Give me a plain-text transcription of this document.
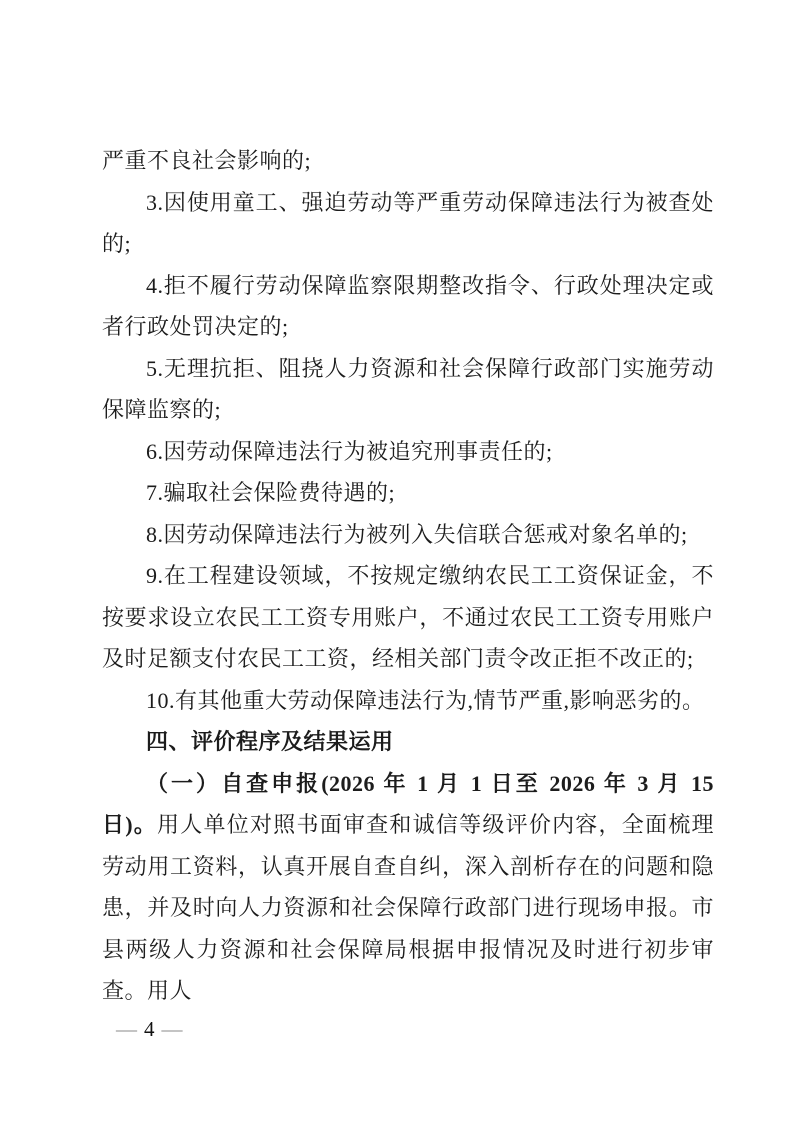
严重不良社会影响的;

3.因使用童工、强迫劳动等严重劳动保障违法行为被查处的;

4.拒不履行劳动保障监察限期整改指令、行政处理决定或者行政处罚决定的;

5.无理抗拒、阻挠人力资源和社会保障行政部门实施劳动保障监察的;

6.因劳动保障违法行为被追究刑事责任的;

7.骗取社会保险费待遇的;

8.因劳动保障违法行为被列入失信联合惩戒对象名单的;

9.在工程建设领域，不按规定缴纳农民工工资保证金，不按要求设立农民工工资专用账户，不通过农民工工资专用账户及时足额支付农民工工资，经相关部门责令改正拒不改正的;

10.有其他重大劳动保障违法行为,情节严重,影响恶劣的。

四、评价程序及结果运用

（一）自查申报(2026 年 1 月 1 日至 2026 年 3 月 15 日)。用人单位对照书面审查和诚信等级评价内容，全面梳理劳动用工资料，认真开展自查自纠，深入剖析存在的问题和隐患，并及时向人力资源和社会保障行政部门进行现场申报。市县两级人力资源和社会保障局根据申报情况及时进行初步审查。用人

— 4 —
